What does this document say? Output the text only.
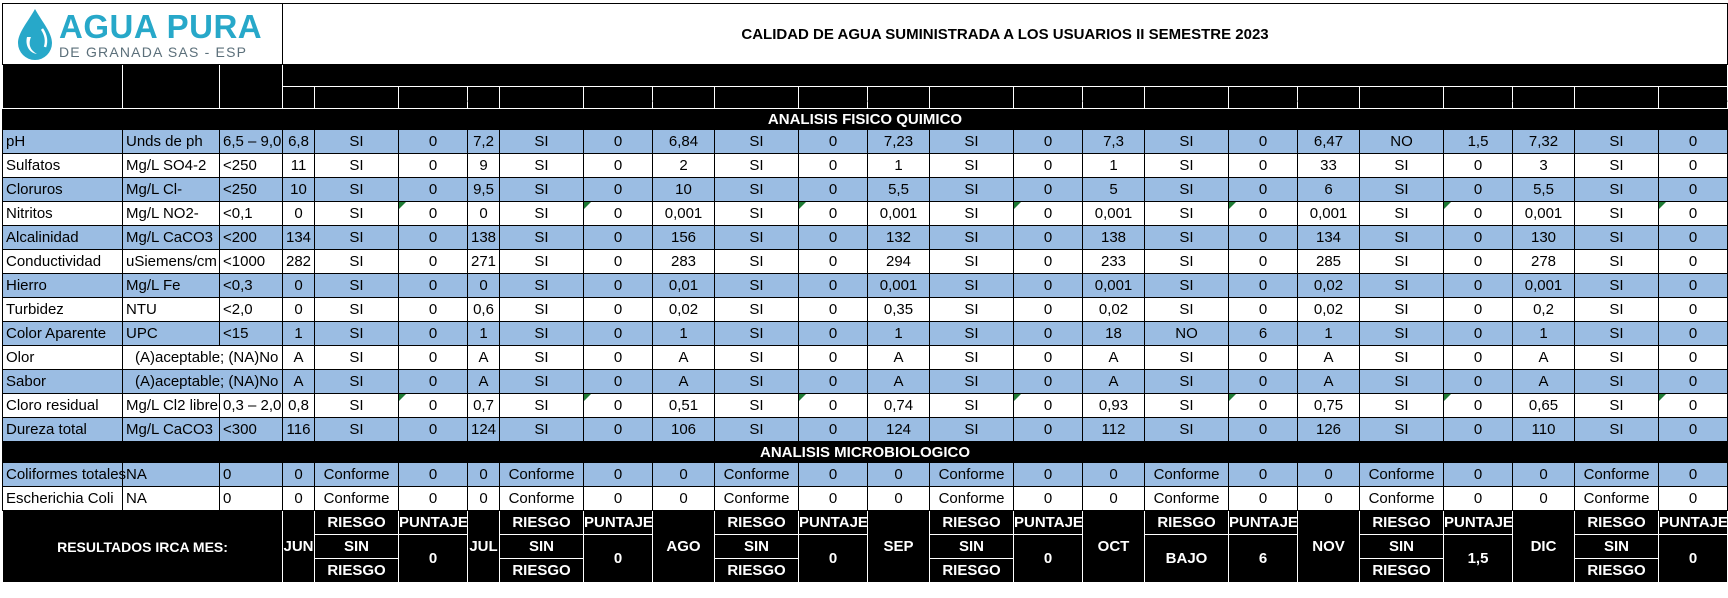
AGUA PURA
DE GRANADA SAS - ESP			CALIDAD DE AGUA SUMINISTRADA A LOS USUARIOS II SEMESTRE 2023																				
PARAMETRO	UNIDADES	RANGO	RESULTADOS																				
			JUN	¿CUMPLE?	PUNTAJE	JUL	¿CUMPLE?	PUNTAJE	AGO	¿CUMPLE?	PUNTAJE	SEP	¿CUMPLE?	PUNTAJE	OCT	¿CUMPLE?	PUNTAJE	NOV	¿CUMPLE?	PUNTAJE	DIC	¿CUMPLE?	PUNTAJE
ANALISIS FISICO QUIMICO																							
pH	Unds de ph	6,5 – 9,0	6,8	SI	0	7,2	SI	0	6,84	SI	0	7,23	SI	0	7,3	SI	0	6,47	NO	1,5	7,32	SI	0
Sulfatos	Mg/L SO4-2	<250	11	SI	0	9	SI	0	2	SI	0	1	SI	0	1	SI	0	33	SI	0	3	SI	0
Cloruros	Mg/L Cl-	<250	10	SI	0	9,5	SI	0	10	SI	0	5,5	SI	0	5	SI	0	6	SI	0	5,5	SI	0
Nitritos	Mg/L NO2-	<0,1	0	SI	0	0	SI	0	0,001	SI	0	0,001	SI	0	0,001	SI	0	0,001	SI	0	0,001	SI	0
Alcalinidad	Mg/L CaCO3	<200	134	SI	0	138	SI	0	156	SI	0	132	SI	0	138	SI	0	134	SI	0	130	SI	0
Conductividad	uSiemens/cm	<1000	282	SI	0	271	SI	0	283	SI	0	294	SI	0	233	SI	0	285	SI	0	278	SI	0
Hierro	Mg/L Fe	<0,3	0	SI	0	0	SI	0	0,01	SI	0	0,001	SI	0	0,001	SI	0	0,02	SI	0	0,001	SI	0
Turbidez	NTU	<2,0	0	SI	0	0,6	SI	0	0,02	SI	0	0,35	SI	0	0,02	SI	0	0,02	SI	0	0,2	SI	0
Color Aparente	UPC	<15	1	SI	0	1	SI	0	1	SI	0	1	SI	0	18	NO	6	1	SI	0	1	SI	0
Olor	(A)aceptable; (NA)No		A	SI	0	A	SI	0	A	SI	0	A	SI	0	A	SI	0	A	SI	0	A	SI	0
Sabor	(A)aceptable; (NA)No		A	SI	0	A	SI	0	A	SI	0	A	SI	0	A	SI	0	A	SI	0	A	SI	0
Cloro residual	Mg/L Cl2 libre	0,3 – 2,0	0,8	SI	0	0,7	SI	0	0,51	SI	0	0,74	SI	0	0,93	SI	0	0,75	SI	0	0,65	SI	0
Dureza total	Mg/L CaCO3	<300	116	SI	0	124	SI	0	106	SI	0	124	SI	0	112	SI	0	126	SI	0	110	SI	0
ANALISIS MICROBIOLOGICO																							
Coliformes totales	NA	0	0	Conforme	0	0	Conforme	0	0	Conforme	0	0	Conforme	0	0	Conforme	0	0	Conforme	0	0	Conforme	0
Escherichia Coli	NA	0	0	Conforme	0	0	Conforme	0	0	Conforme	0	0	Conforme	0	0	Conforme	0	0	Conforme	0	0	Conforme	0
RESULTADOS IRCA MES:			JUN	RIESGO	PUNTAJE	JUL	RIESGO	PUNTAJE	AGO	RIESGO	PUNTAJE	SEP	RIESGO	PUNTAJE	OCT	RIESGO	PUNTAJE	NOV	RIESGO	PUNTAJE	DIC	RIESGO	PUNTAJE
				SIN	0		SIN	0		SIN	0		SIN	0		BAJO	6		SIN	1,5		SIN	0
				RIESGO			RIESGO			RIESGO			RIESGO						RIESGO			RIESGO	
